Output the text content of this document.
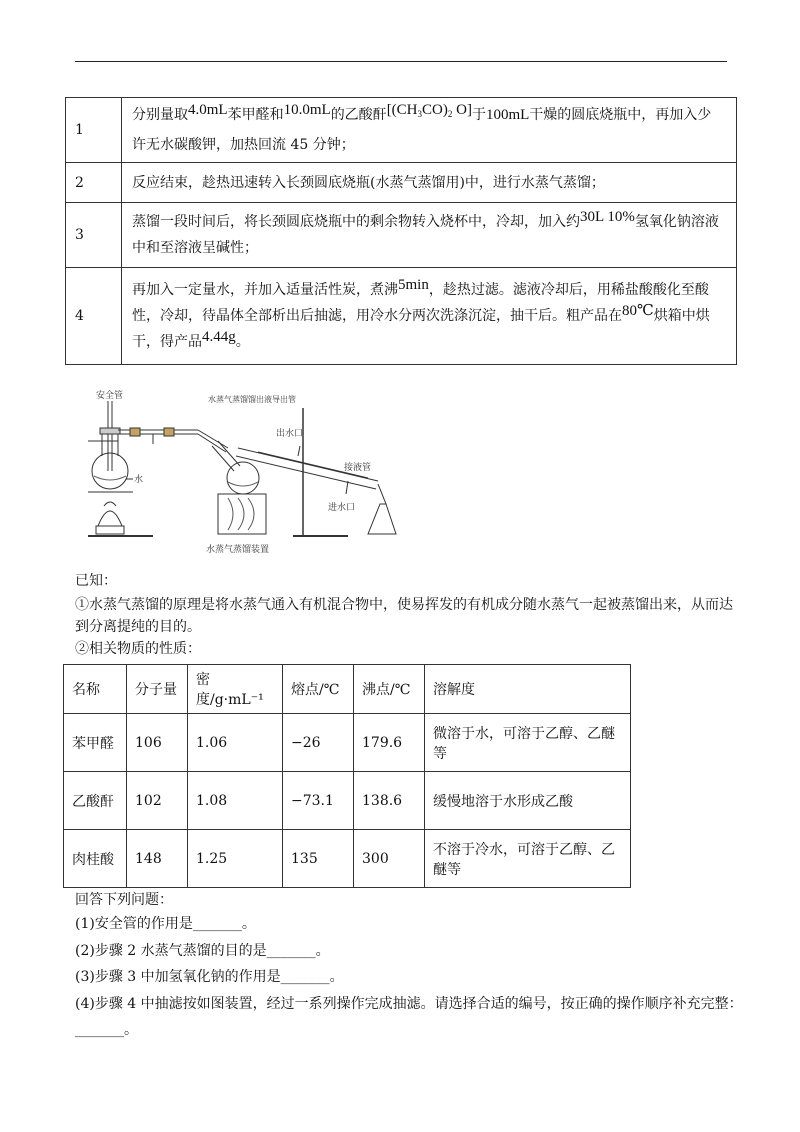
1	分别量取4.0mL苯甲醛和10.0mL的乙酸酐[$(CH_3CO)_2$ O]于100mL干燥的圆底烧瓶中，再加入少
许无水碳酸钾，加热回流 45 分钟；
2	反应结束，趁热迅速转入长颈圆底烧瓶(水蒸气蒸馏用)中，进行水蒸气蒸馏；
3	蒸馏一段时间后，将长颈圆底烧瓶中的剩余物转入烧杯中，冷却，加入约30L 10%氢氧化钠溶液
中和至溶液呈碱性；
4	再加入一定量水，并加入适量活性炭，煮沸5min，趁热过滤。滤液冷却后，用稀盐酸酸化至酸
性，冷却，待晶体全部析出后抽滤，用冷水分两次洗涤沉淀，抽干后。粗产品在80℃烘箱中烘
干，得产品4.44g。
安全管
水
水蒸气蒸馏馏出液导出管
出水口
接液管
进水口
水蒸气蒸馏装置
已知：
①水蒸气蒸馏的原理是将水蒸气通入有机混合物中，使易挥发的有机成分随水蒸气一起被蒸馏出来，从而达到分离提纯的目的。
②相关物质的性质：
名称	分子量	密度/g·mL⁻¹	熔点/℃	沸点/℃	溶解度
苯甲醛	106	1.06	−26	179.6	微溶于水，可溶于乙醇、乙醚等
乙酸酐	102	1.08	−73.1	138.6	缓慢地溶于水形成乙酸
肉桂酸	148	1.25	135	300	不溶于冷水，可溶于乙醇、乙醚等
回答下列问题：
(1)安全管的作用是_______。
(2)步骤 2 水蒸气蒸馏的目的是_______。
(3)步骤 3 中加氢氧化钠的作用是_______。
(4)步骤 4 中抽滤按如图装置，经过一系列操作完成抽滤。请选择合适的编号，按正确的操作顺序补充完整：
_______。
